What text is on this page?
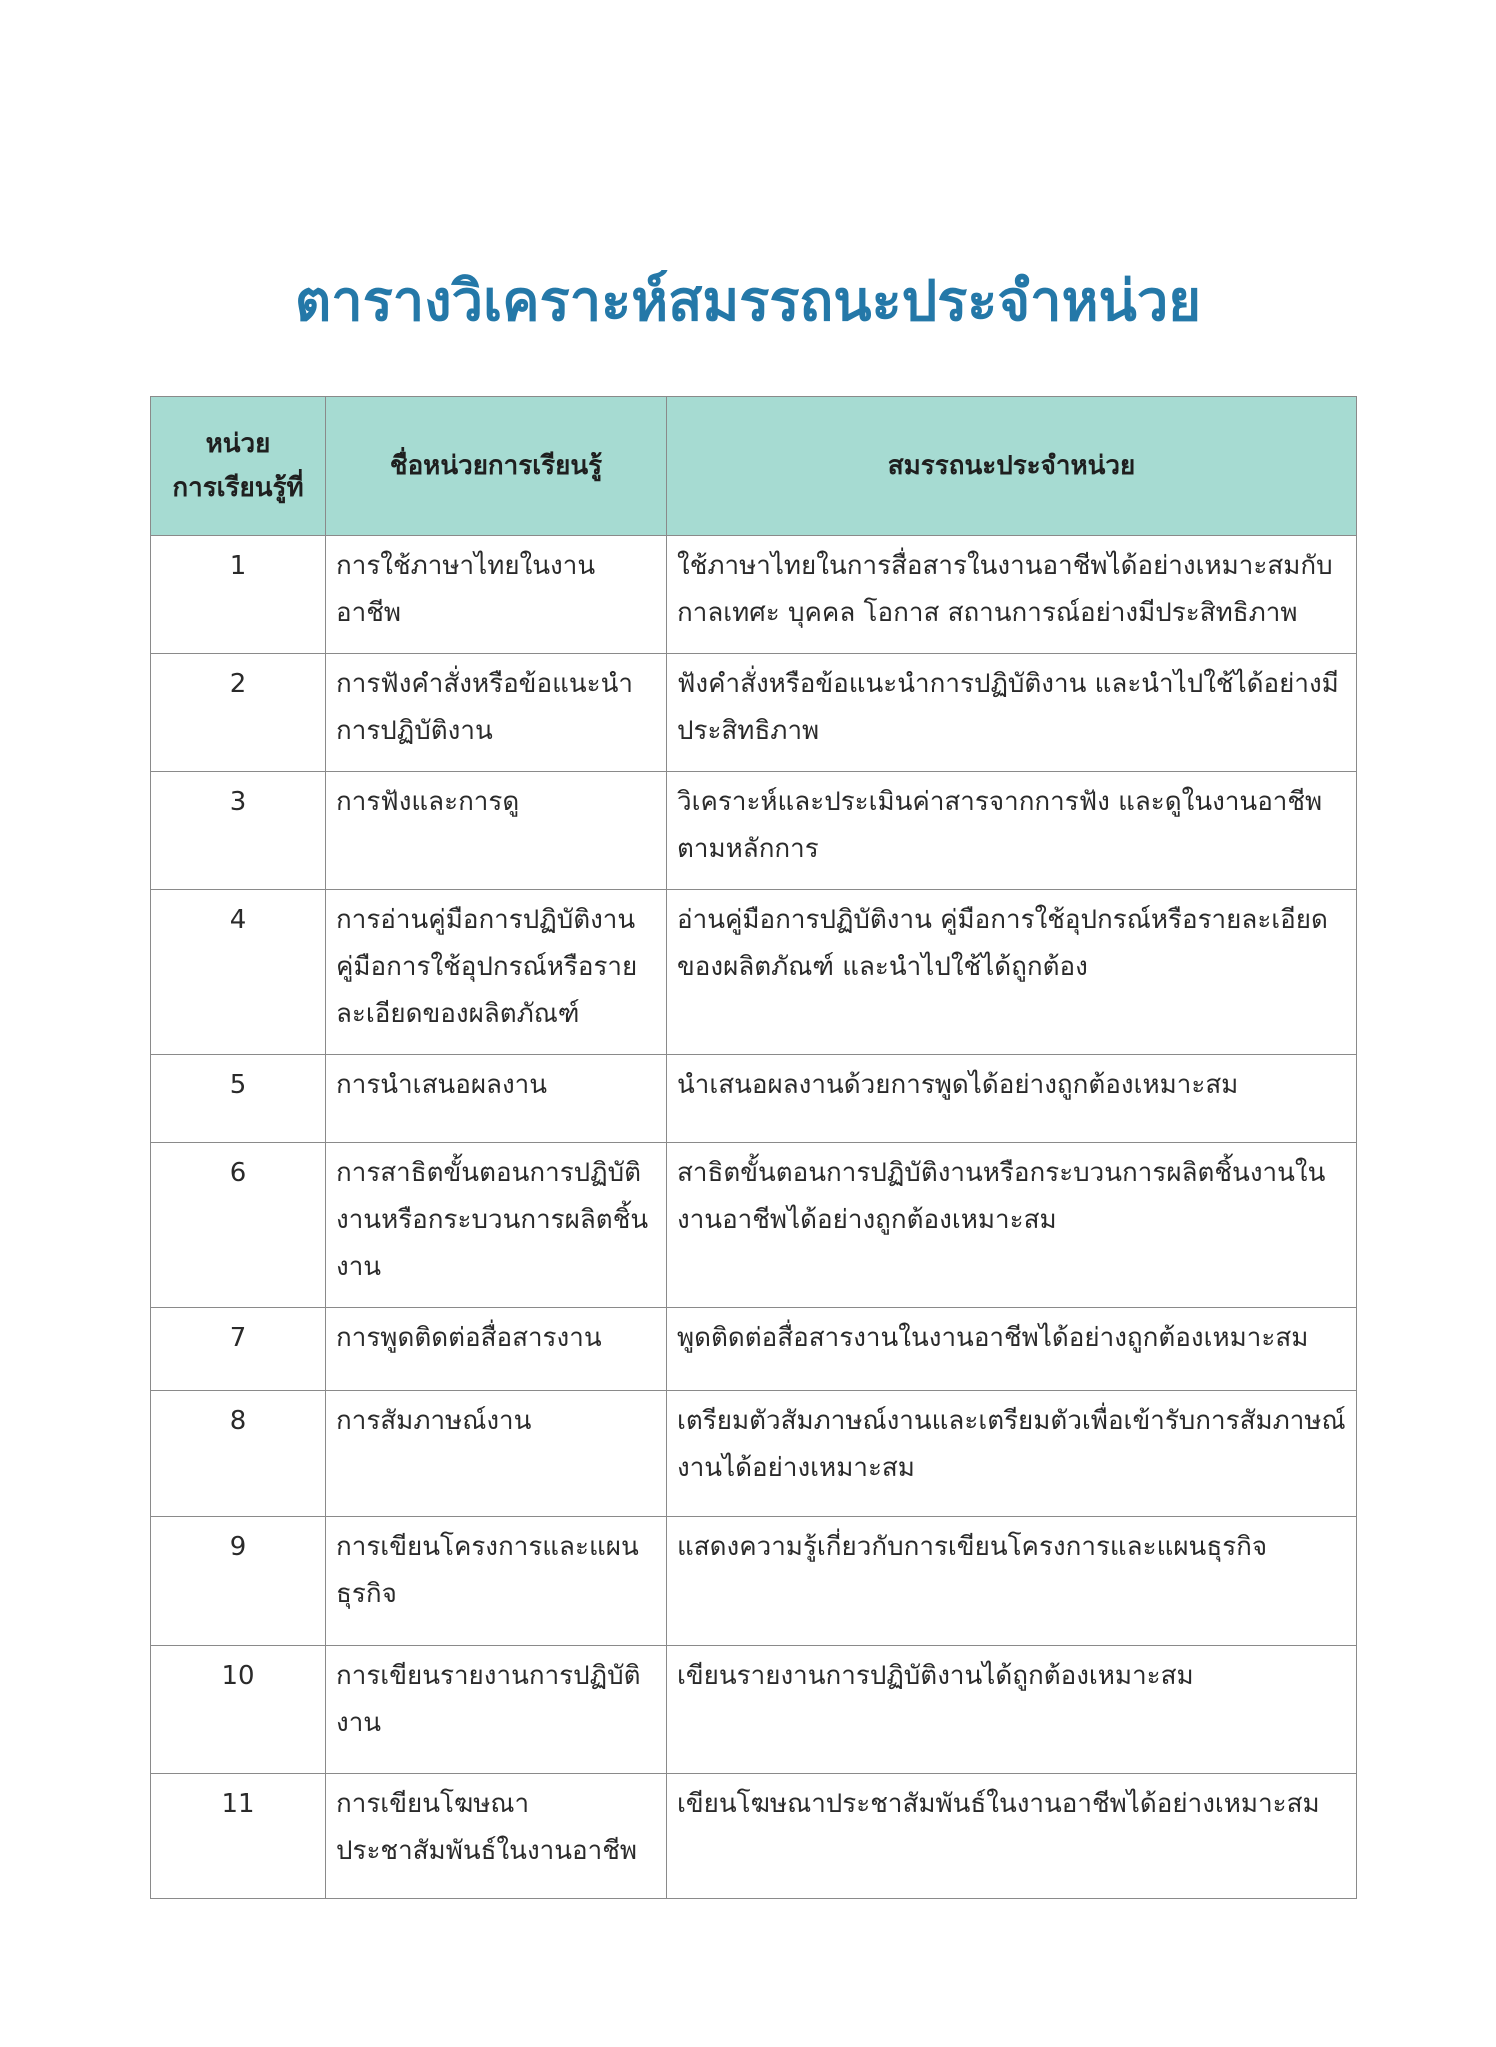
ตารางวิเคราะห์สมรรถนะประจำหน่วย
หน่วย
การเรียนรู้ที่	ชื่อหน่วยการเรียนรู้	สมรรถนะประจำหน่วย
1	การใช้ภาษาไทยในงานอาชีพ	ใช้ภาษาไทยในการสื่อสารในงานอาชีพได้อย่างเหมาะสมกับกาลเทศะ บุคคล โอกาส สถานการณ์อย่างมีประสิทธิภาพ
2	การฟังคำสั่งหรือข้อแนะนำการปฏิบัติงาน	ฟังคำสั่งหรือข้อแนะนำการปฏิบัติงาน และนำไปใช้ได้อย่างมีประสิทธิภาพ
3	การฟังและการดู	วิเคราะห์และประเมินค่าสารจากการฟัง และดูในงานอาชีพตามหลักการ
4	การอ่านคู่มือการปฏิบัติงาน คู่มือการใช้อุปกรณ์หรือรายละเอียดของผลิตภัณฑ์	อ่านคู่มือการปฏิบัติงาน คู่มือการใช้อุปกรณ์หรือรายละเอียดของผลิตภัณฑ์ และนำไปใช้ได้ถูกต้อง
5	การนำเสนอผลงาน	นำเสนอผลงานด้วยการพูดได้อย่างถูกต้องเหมาะสม
6	การสาธิตขั้นตอนการปฏิบัติงานหรือกระบวนการผลิตชิ้นงาน	สาธิตขั้นตอนการปฏิบัติงานหรือกระบวนการผลิตชิ้นงานในงานอาชีพได้อย่างถูกต้องเหมาะสม
7	การพูดติดต่อสื่อสารงาน	พูดติดต่อสื่อสารงานในงานอาชีพได้อย่างถูกต้องเหมาะสม
8	การสัมภาษณ์งาน	เตรียมตัวสัมภาษณ์งานและเตรียมตัวเพื่อเข้ารับการสัมภาษณ์งานได้อย่างเหมาะสม
9	การเขียนโครงการและแผนธุรกิจ	แสดงความรู้เกี่ยวกับการเขียนโครงการและแผนธุรกิจ
10	การเขียนรายงานการปฏิบัติงาน	เขียนรายงานการปฏิบัติงานได้ถูกต้องเหมาะสม
11	การเขียนโฆษณาประชาสัมพันธ์ในงานอาชีพ	เขียนโฆษณาประชาสัมพันธ์ในงานอาชีพได้อย่างเหมาะสม
